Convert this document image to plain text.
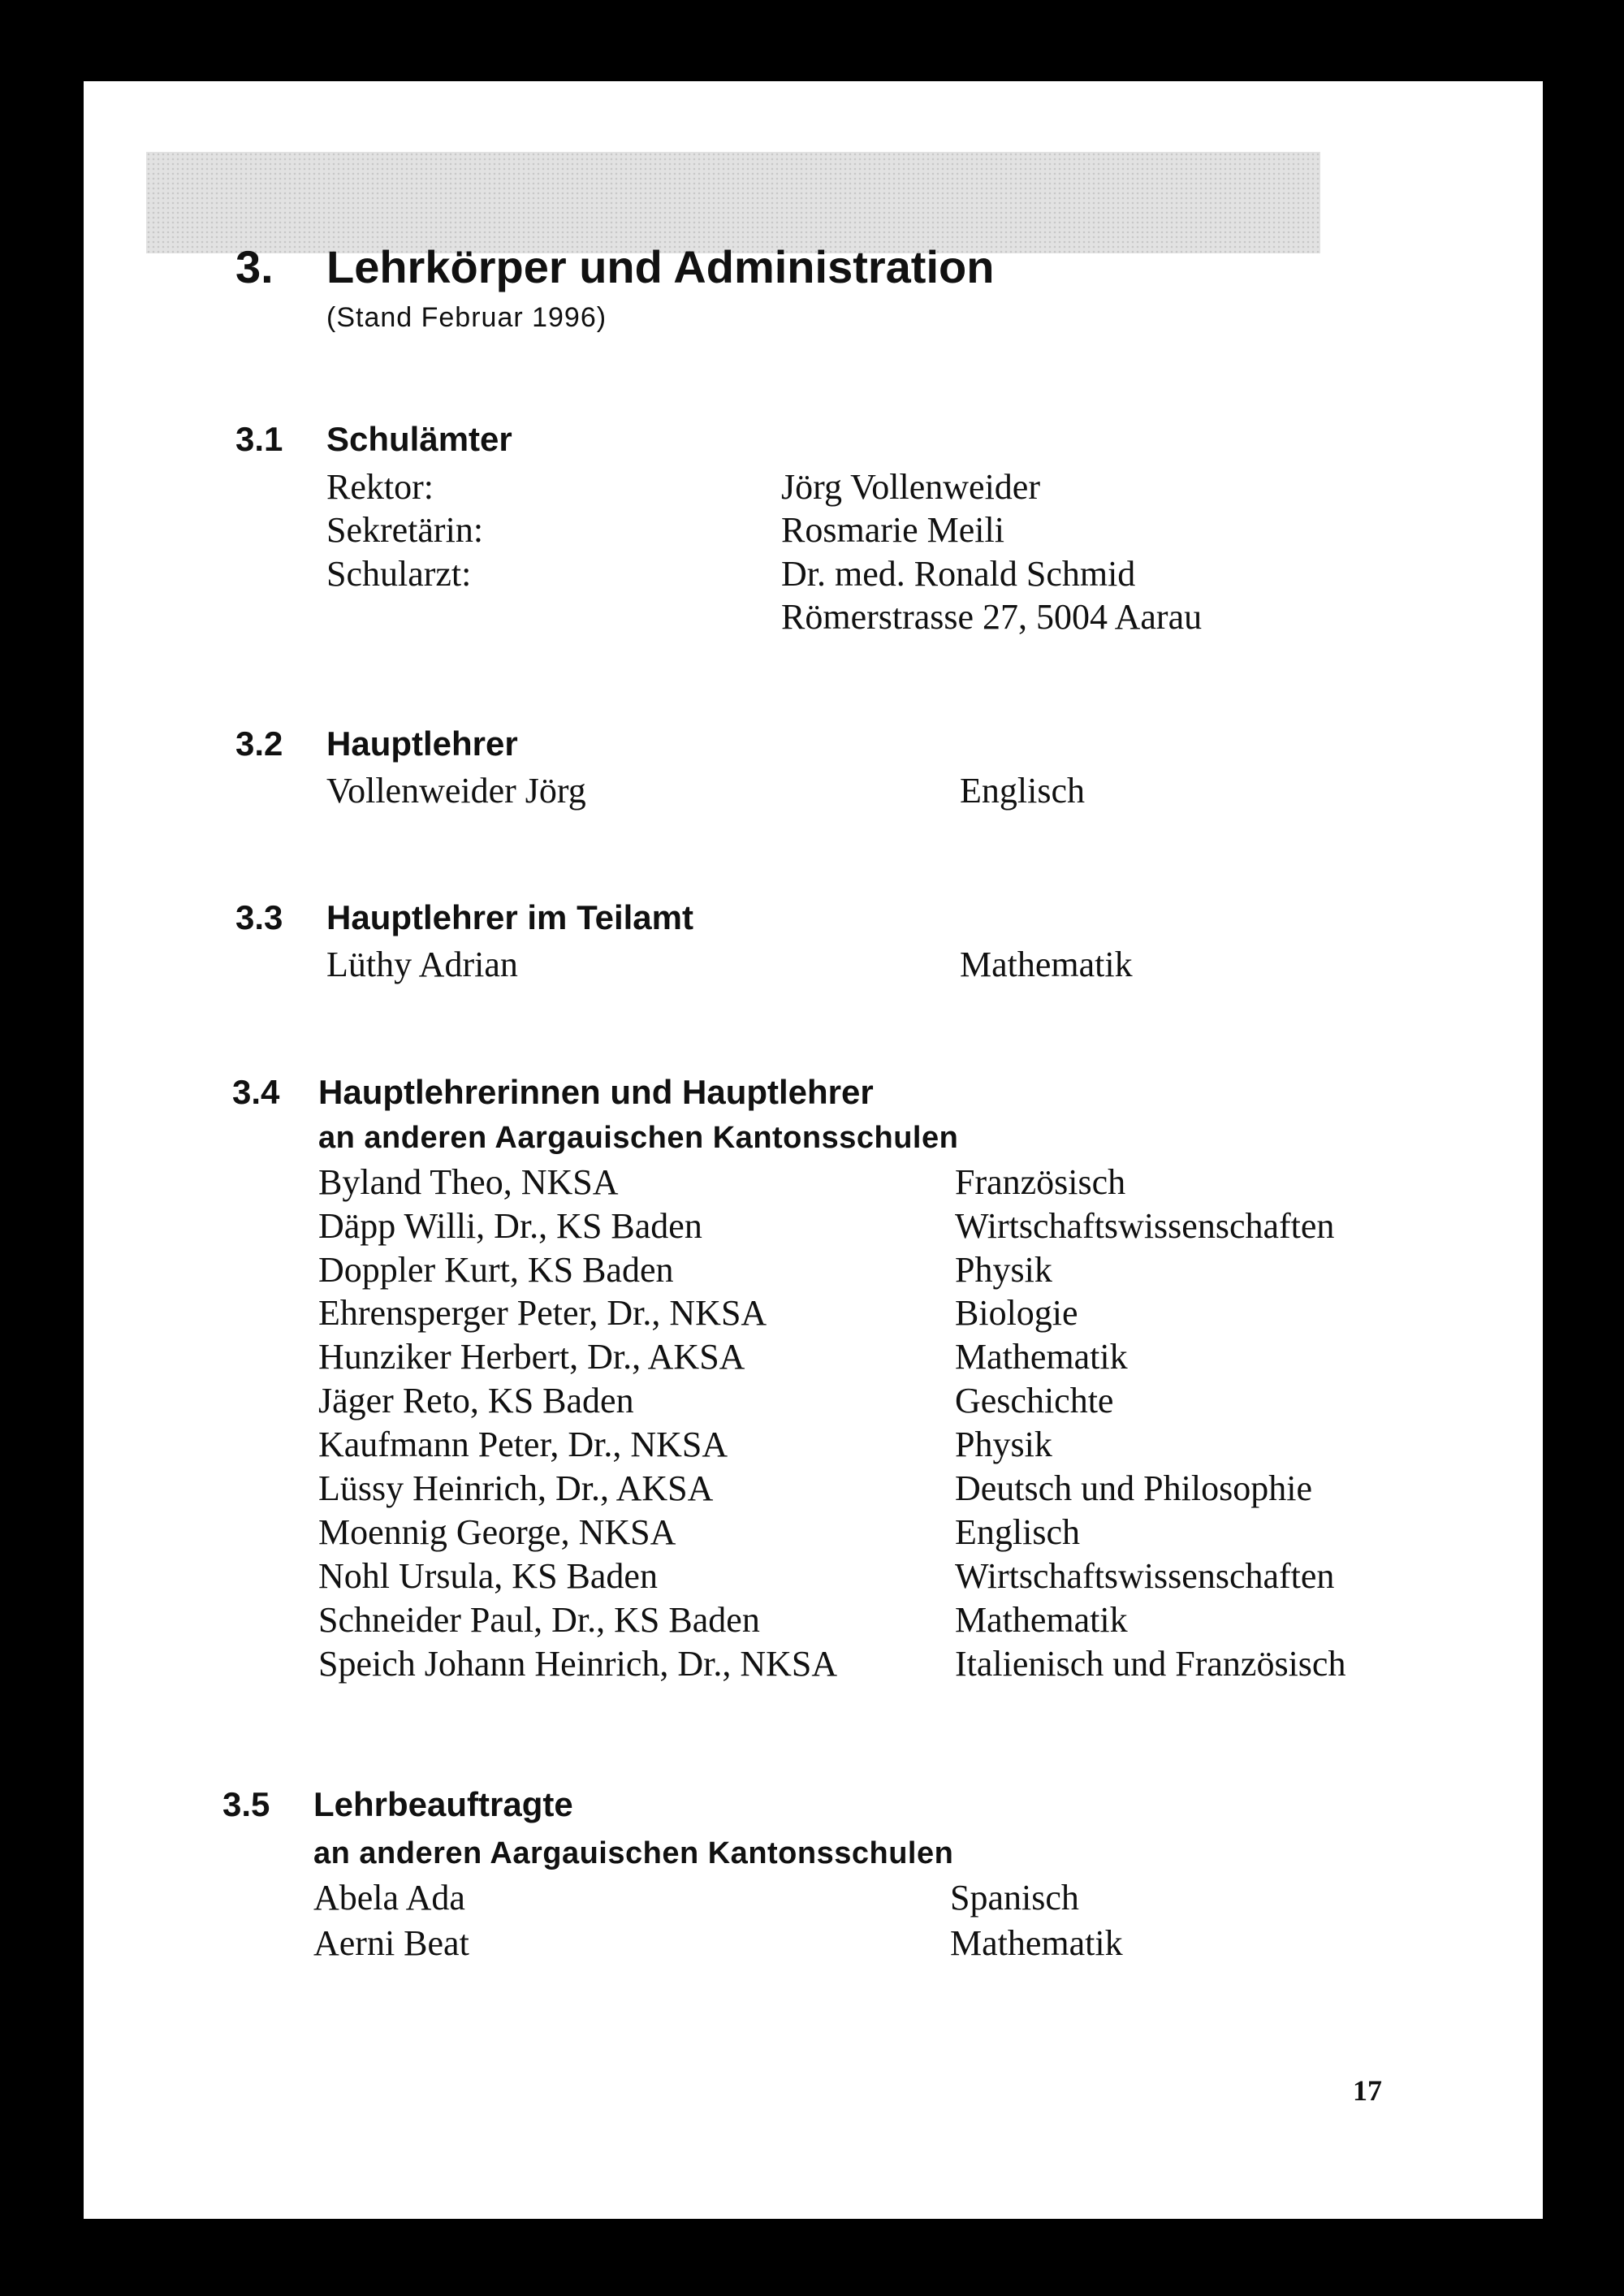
3. Lehrkörper und Administration
(Stand Februar 1996)
3.1 Schulämter
Rektor:	Jörg Vollenweider
Sekretärin:	Rosmarie Meili
Schularzt:	Dr. med. Ronald Schmid
Römerstrasse 27, 5004 Aarau
3.2 Hauptlehrer
Vollenweider Jörg	Englisch
3.3 Hauptlehrer im Teilamt
Lüthy Adrian	Mathematik
3.4 Hauptlehrerinnen und Hauptlehrer
an anderen Aargauischen Kantonsschulen
Byland Theo, NKSA	Französisch
Däpp Willi, Dr., KS Baden	Wirtschaftswissenschaften
Doppler Kurt, KS Baden	Physik
Ehrensperger Peter, Dr., NKSA	Biologie
Hunziker Herbert, Dr., AKSA	Mathematik
Jäger Reto, KS Baden	Geschichte
Kaufmann Peter, Dr., NKSA	Physik
Lüssy Heinrich, Dr., AKSA	Deutsch und Philosophie
Moennig George, NKSA	Englisch
Nohl Ursula, KS Baden	Wirtschaftswissenschaften
Schneider Paul, Dr., KS Baden	Mathematik
Speich Johann Heinrich, Dr., NKSA	Italienisch und Französisch
3.5 Lehrbeauftragte
an anderen Aargauischen Kantonsschulen
Abela Ada	Spanisch
Aerni Beat	Mathematik
17
